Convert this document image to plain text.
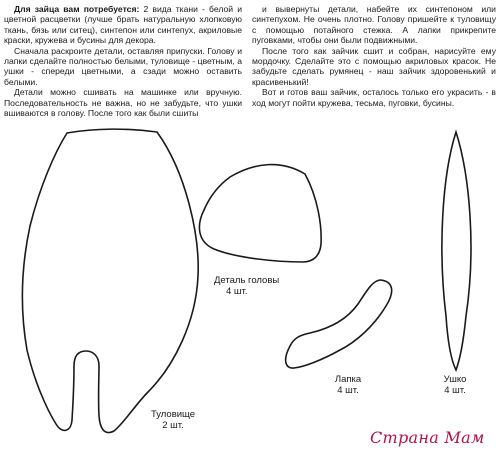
Для зайца вам потребуется: 2 вида ткани - белой и цветной расцветки (лучше брать натуральную хлопковую ткань, бязь или ситец), синтепон или синтепух, акриловые краски, кружева и бусины для декора.

Сначала раскроите детали, оставляя припуски. Голову и лапки сделайте полностью белыми, туловище - цветным, а ушки - спереди цветными, а сзади можно оставить белыми.

Детали можно сшивать на машинке или вручную. Последовательность не важна, но не забудьте, что ушки вшиваются в голову. После того как были сшиты

и вывернуты детали, набейте их синтепоном или синтепухом. Не очень плотно. Голову пришейте к туловищу с помощью потайного стежка. А лапки прикрепите пуговками, чтобы они были подвижными.

После того как зайчик сшит и собран, нарисуйте ему мордочку. Сделайте это с помощью акриловых красок. Не забудьте сделать румянец - наш зайчик здоровенький и красивенький!

Вот и готов ваш зайчик, осталось только его украсить - в ход могут пойти кружева, тесьма, пуговки, бусины.

Деталь головы
4 шт.
Лапка
4 шт.
Ушко
4 шт.
Туловище
2 шт.
Страна Мам
